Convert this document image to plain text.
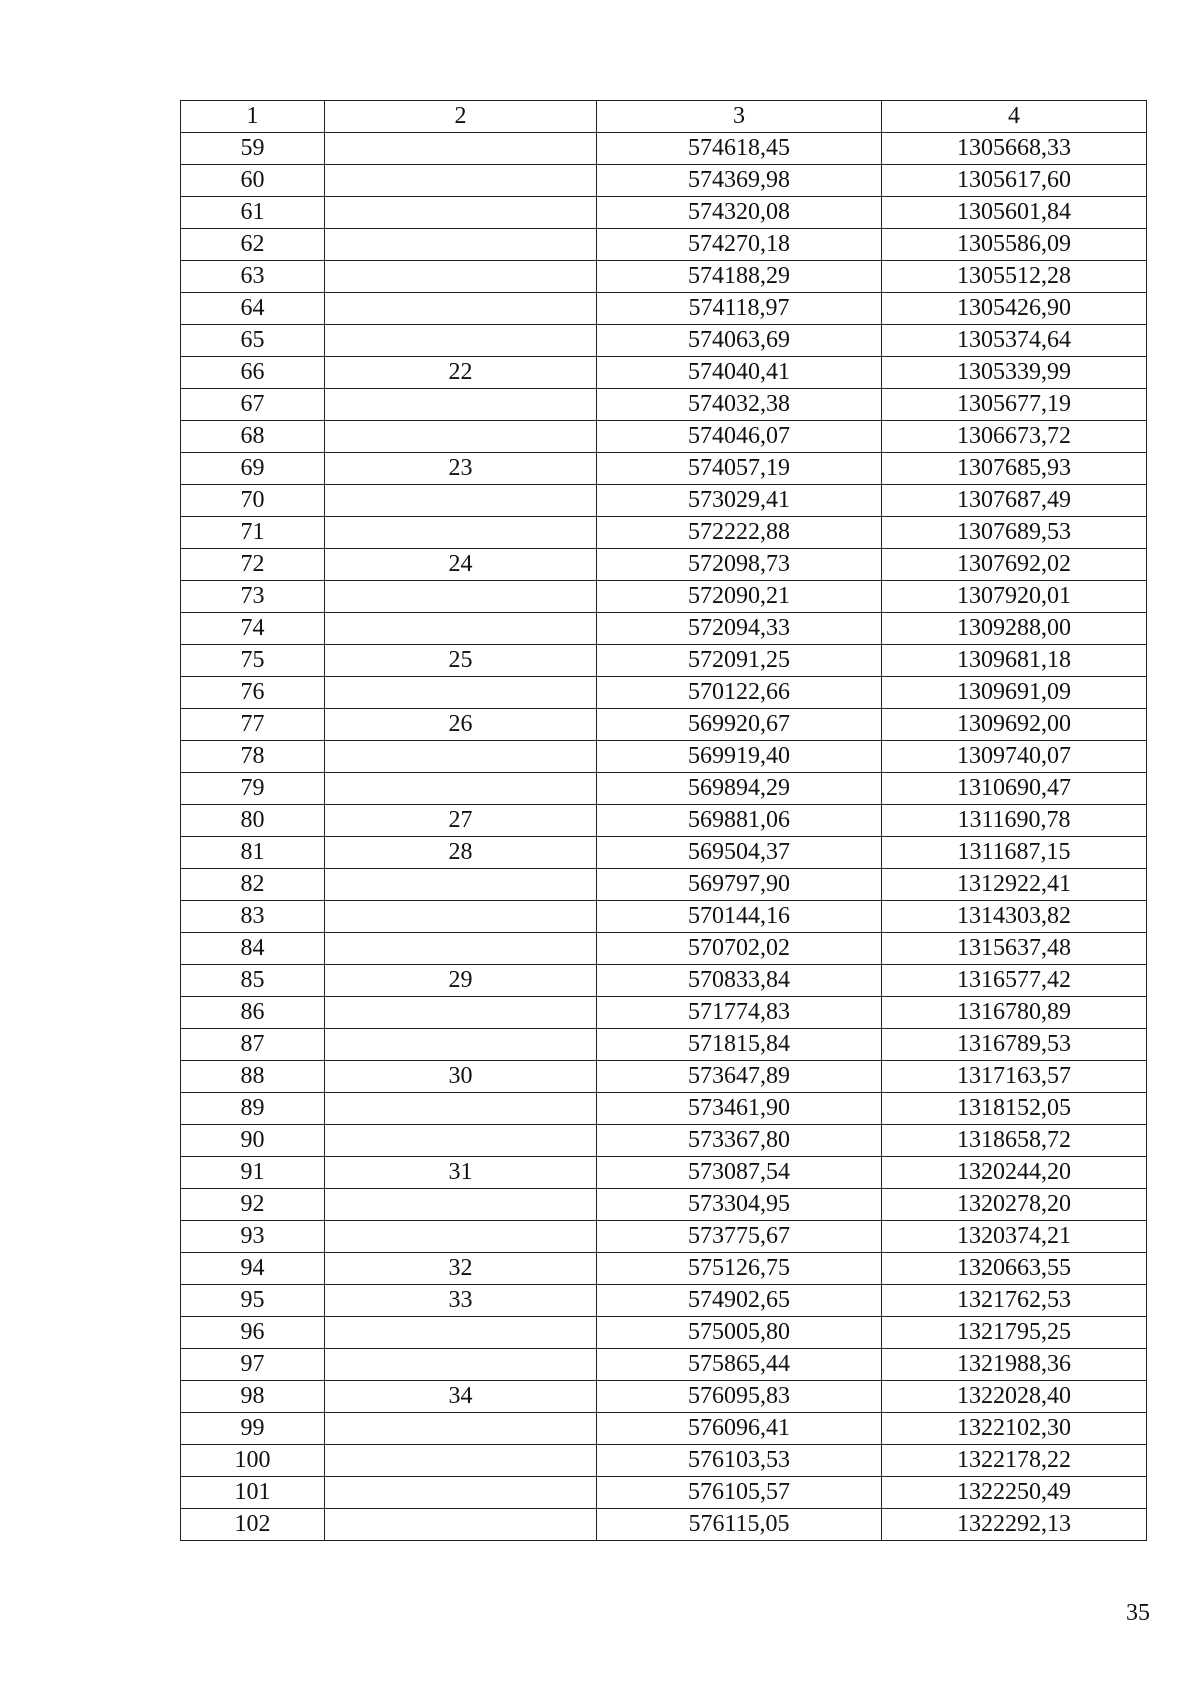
1	2	3	4
59		574618,45	1305668,33
60		574369,98	1305617,60
61		574320,08	1305601,84
62		574270,18	1305586,09
63		574188,29	1305512,28
64		574118,97	1305426,90
65		574063,69	1305374,64
66	22	574040,41	1305339,99
67		574032,38	1305677,19
68		574046,07	1306673,72
69	23	574057,19	1307685,93
70		573029,41	1307687,49
71		572222,88	1307689,53
72	24	572098,73	1307692,02
73		572090,21	1307920,01
74		572094,33	1309288,00
75	25	572091,25	1309681,18
76		570122,66	1309691,09
77	26	569920,67	1309692,00
78		569919,40	1309740,07
79		569894,29	1310690,47
80	27	569881,06	1311690,78
81	28	569504,37	1311687,15
82		569797,90	1312922,41
83		570144,16	1314303,82
84		570702,02	1315637,48
85	29	570833,84	1316577,42
86		571774,83	1316780,89
87		571815,84	1316789,53
88	30	573647,89	1317163,57
89		573461,90	1318152,05
90		573367,80	1318658,72
91	31	573087,54	1320244,20
92		573304,95	1320278,20
93		573775,67	1320374,21
94	32	575126,75	1320663,55
95	33	574902,65	1321762,53
96		575005,80	1321795,25
97		575865,44	1321988,36
98	34	576095,83	1322028,40
99		576096,41	1322102,30
100		576103,53	1322178,22
101		576105,57	1322250,49
102		576115,05	1322292,13
35
